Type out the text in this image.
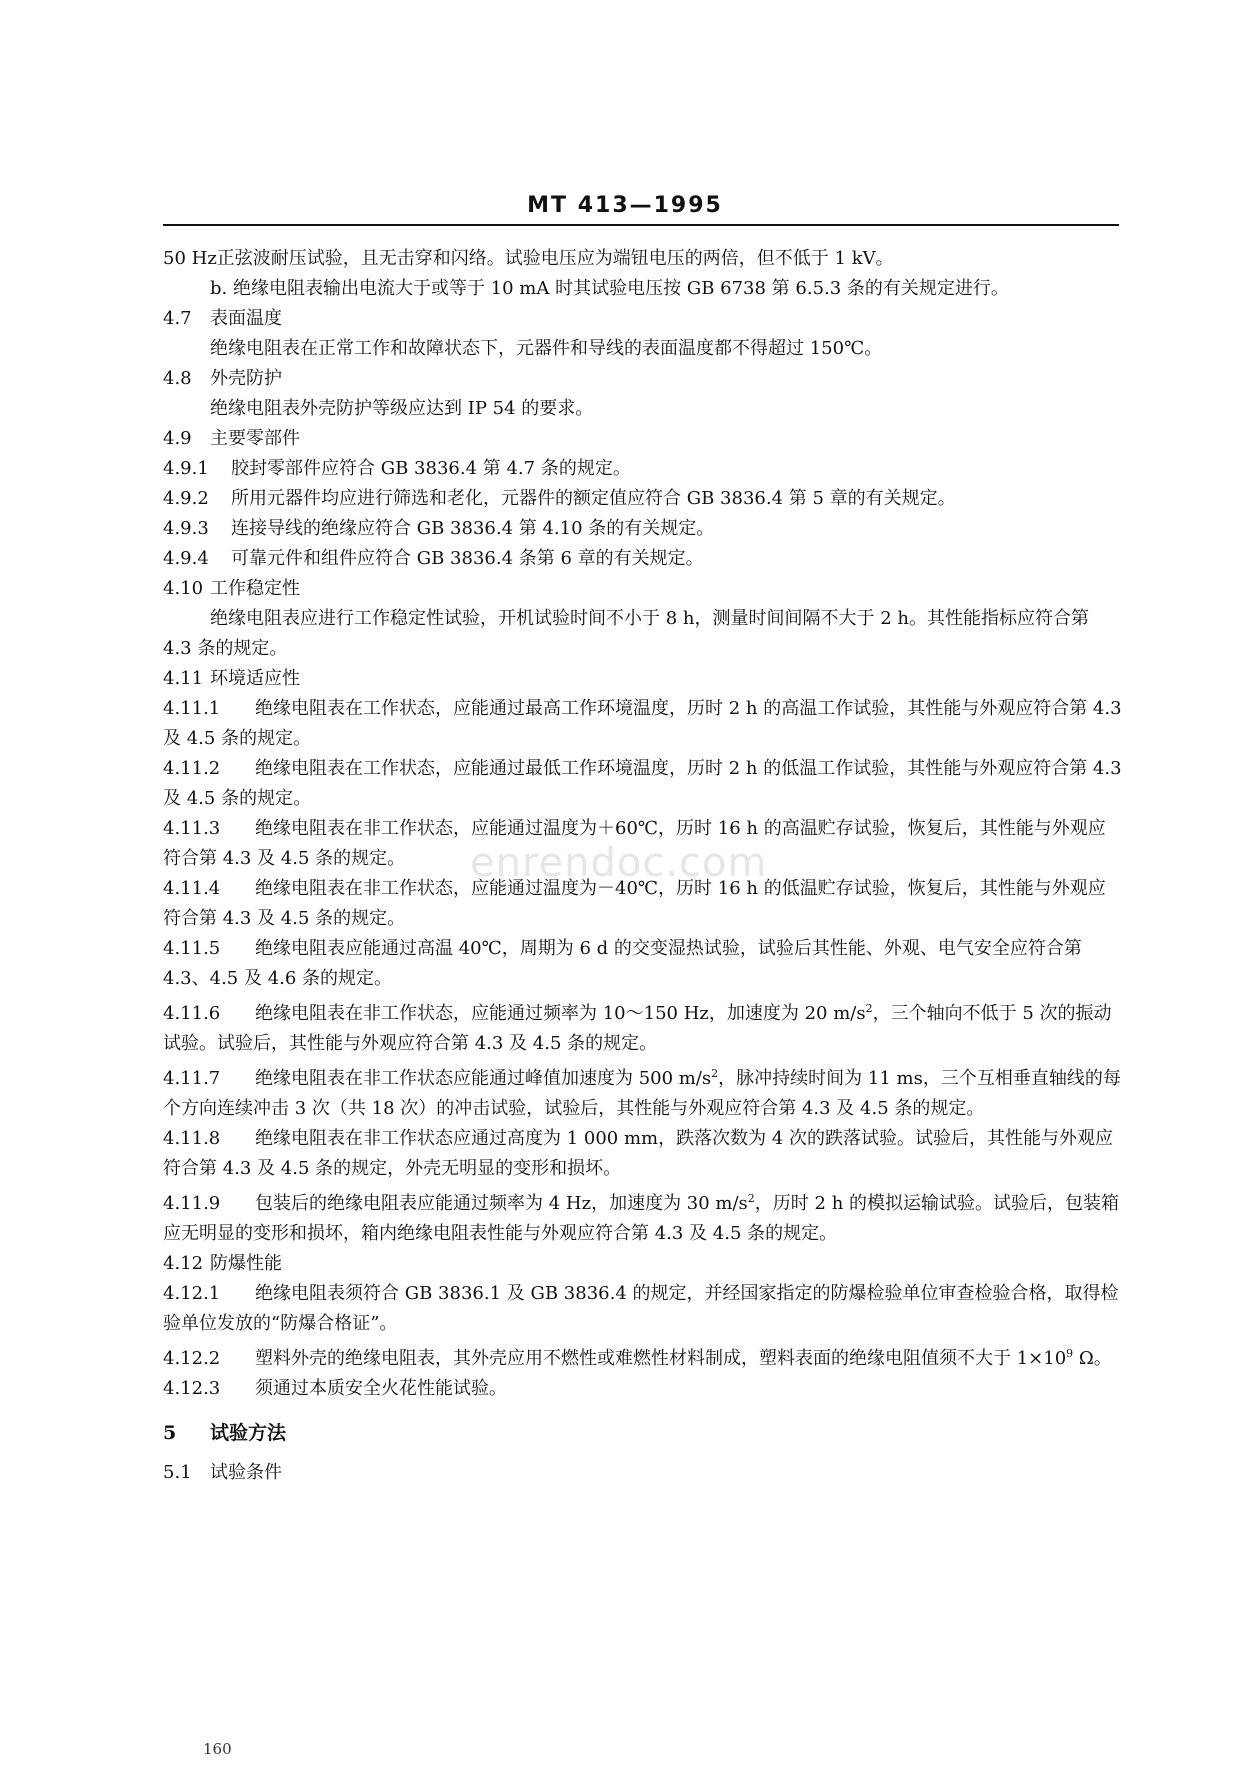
MT 413—1995
enrendoc.com

50 Hz正弦波耐压试验，且无击穿和闪络。试验电压应为端钮电压的两倍，但不低于 1 kV。

b. 绝缘电阻表输出电流大于或等于 10 mA 时其试验电压按 GB 6738 第 6.5.3 条的有关规定进行。

4.7 表面温度

绝缘电阻表在正常工作和故障状态下，元器件和导线的表面温度都不得超过 150℃。

4.8 外壳防护

绝缘电阻表外壳防护等级应达到 IP 54 的要求。

4.9 主要零部件

4.9.1 胶封零部件应符合 GB 3836.4 第 4.7 条的规定。

4.9.2 所用元器件均应进行筛选和老化，元器件的额定值应符合 GB 3836.4 第 5 章的有关规定。

4.9.3 连接导线的绝缘应符合 GB 3836.4 第 4.10 条的有关规定。

4.9.4 可靠元件和组件应符合 GB 3836.4 条第 6 章的有关规定。

4.10 工作稳定性

绝缘电阻表应进行工作稳定性试验，开机试验时间不小于 8 h，测量时间间隔不大于 2 h。其性能指标应符合第 4.3 条的规定。

4.11 环境适应性

4.11.1 绝缘电阻表在工作状态，应能通过最高工作环境温度，历时 2 h 的高温工作试验，其性能与外观应符合第 4.3 及 4.5 条的规定。

4.11.2 绝缘电阻表在工作状态，应能通过最低工作环境温度，历时 2 h 的低温工作试验，其性能与外观应符合第 4.3 及 4.5 条的规定。

4.11.3 绝缘电阻表在非工作状态，应能通过温度为＋60℃，历时 16 h 的高温贮存试验，恢复后，其性能与外观应符合第 4.3 及 4.5 条的规定。

4.11.4 绝缘电阻表在非工作状态，应能通过温度为－40℃，历时 16 h 的低温贮存试验，恢复后，其性能与外观应符合第 4.3 及 4.5 条的规定。

4.11.5 绝缘电阻表应能通过高温 40℃，周期为 6 d 的交变湿热试验，试验后其性能、外观、电气安全应符合第 4.3、4.5 及 4.6 条的规定。

4.11.6 绝缘电阻表在非工作状态，应能通过频率为 10～150 Hz，加速度为 20 $m/s^2$，三个轴向不低于 5 次的振动试验。试验后，其性能与外观应符合第 4.3 及 4.5 条的规定。

4.11.7 绝缘电阻表在非工作状态应能通过峰值加速度为 500 $m/s^2$，脉冲持续时间为 11 ms，三个互相垂直轴线的每个方向连续冲击 3 次（共 18 次）的冲击试验，试验后，其性能与外观应符合第 4.3 及 4.5 条的规定。

4.11.8 绝缘电阻表在非工作状态应通过高度为 1 000 mm，跌落次数为 4 次的跌落试验。试验后，其性能与外观应符合第 4.3 及 4.5 条的规定，外壳无明显的变形和损坏。

4.11.9 包装后的绝缘电阻表应能通过频率为 4 Hz，加速度为 30 $m/s^2$，历时 2 h 的模拟运输试验。试验后，包装箱应无明显的变形和损坏，箱内绝缘电阻表性能与外观应符合第 4.3 及 4.5 条的规定。

4.12 防爆性能

4.12.1 绝缘电阻表须符合 GB 3836.1 及 GB 3836.4 的规定，并经国家指定的防爆检验单位审查检验合格，取得检验单位发放的“防爆合格证”。

4.12.2 塑料外壳的绝缘电阻表，其外壳应用不燃性或难燃性材料制成，塑料表面的绝缘电阻值须不大于 $1\times 10^9$ Ω。

4.12.3 须通过本质安全火花性能试验。

5 试验方法

5.1 试验条件

160
